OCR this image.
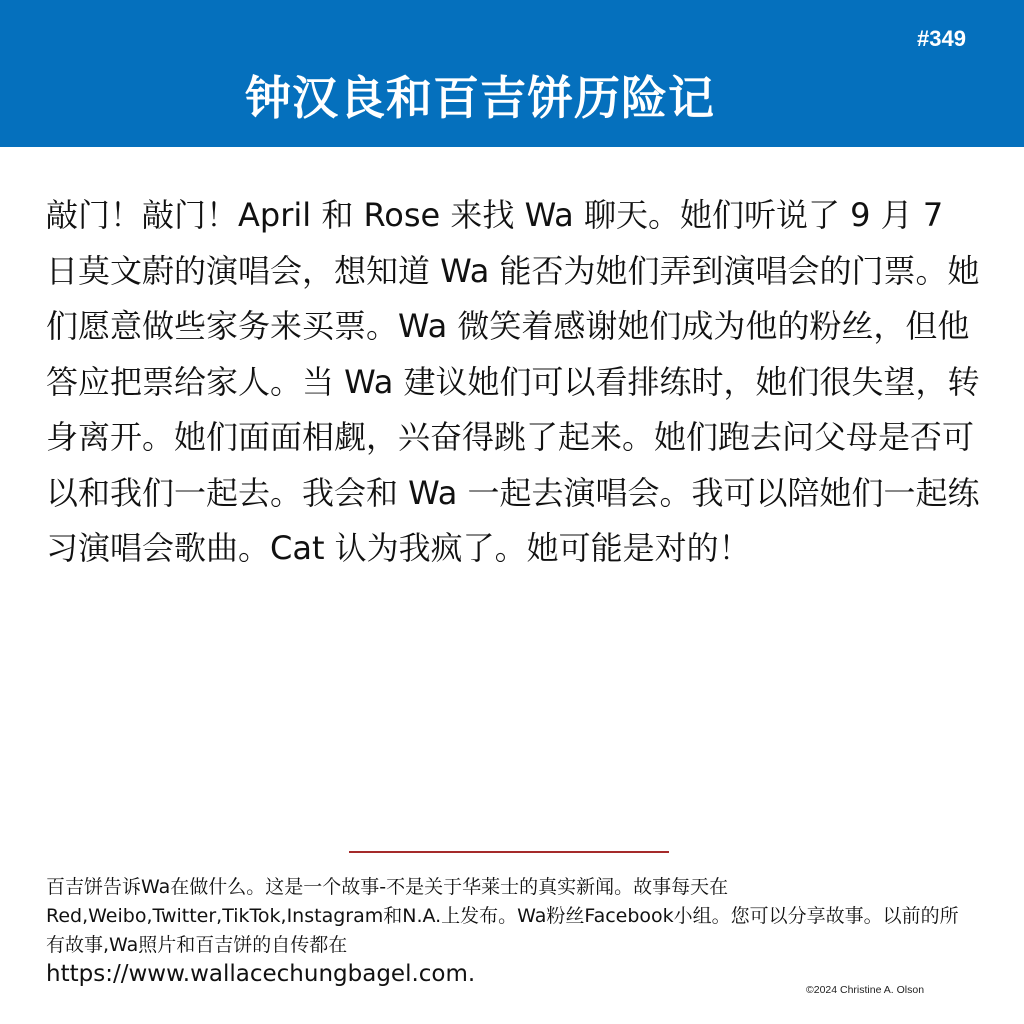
#349
钟汉良和百吉饼历险记
敲门！敲门！April 和 Rose 来找 Wa 聊天。她们听说了 9 月 7 日莫文蔚的演唱会，想知道 Wa 能否为她们弄到演唱会的门票。她们愿意做些家务来买票。Wa 微笑着感谢她们成为他的粉丝，但他答应把票给家人。当 Wa 建议她们可以看排练时，她们很失望，转身离开。她们面面相觑，兴奋得跳了起来。她们跑去问父母是否可以和我们一起去。我会和 Wa 一起去演唱会。我可以陪她们一起练习演唱会歌曲。Cat 认为我疯了。她可能是对的！
百吉饼告诉Wa在做什么。这是一个故事-不是关于华莱士的真实新闻。故事每天在Red,Weibo,Twitter,TikTok,Instagram和N.A.上发布。Wa粉丝Facebook小组。您可以分享故事。以前的所有故事,Wa照片和百吉饼的自传都在
https://www.wallacechungbagel.com.
©2024 Christine A. Olson
